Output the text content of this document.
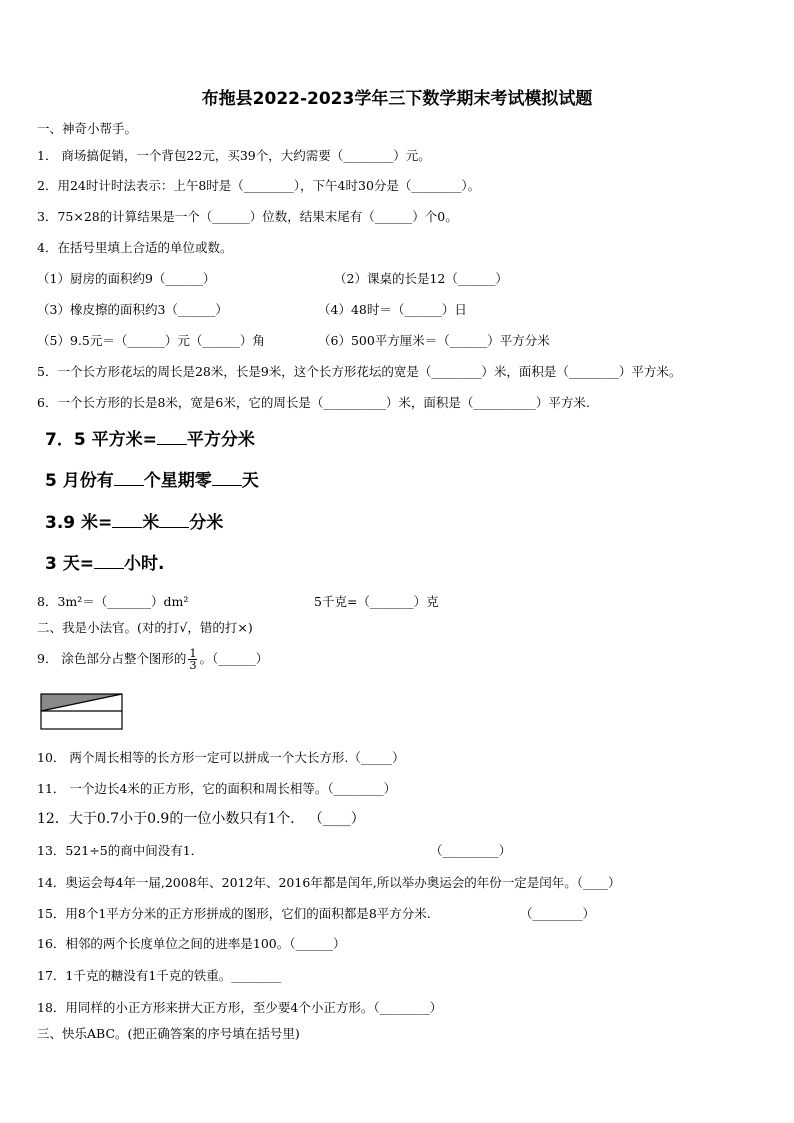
布拖县2022-2023学年三下数学期末考试模拟试题
一、神奇小帮手。
1． 商场搞促销，一个背包22元，买39个，大约需要（________）元。
2．用24时计时法表示：上午8时是（________），下午4时30分是（________）。
3．75×28的计算结果是一个（______）位数，结果末尾有（______）个0。
4．在括号里填上合适的单位或数。
（1）厨房的面积约9（______）	（2）课桌的长是12（______）
（3）橡皮擦的面积约3（______）	（4）48时＝（______）日
（5）9.5元＝（______）元（______）角	（6）500平方厘米＝（______）平方分米
5．一个长方形花坛的周长是28米，长是9米，这个长方形花坛的宽是（________）米，面积是（________）平方米。
6．一个长方形的长是8米，宽是6米，它的周长是（__________）米，面积是（__________）平方米.
7．5 平方米= 平方分米
5 月份有 个星期零 天
3.9 米= 米 分米
3 天= 小时.
8．3m²＝（_______）dm²	5千克=（_______）克
二、我是小法官。(对的打√，错的打×)
9． 涂色部分占整个图形的 $\frac{1}{3}$ 。（______）
10． 两个周长相等的长方形一定可以拼成一个大长方形.（_____）
11． 一个边长4米的正方形，它的面积和周长相等。（________）
12．大于0.7小于0.9的一位小数只有1个． （____）
13．521÷5的商中间没有1．	（_________）
14．奥运会每4年一届,2008年、2012年、2016年都是闰年,所以举办奥运会的年份一定是闰年。（____）
15．用8个1平方分米的正方形拼成的图形，它们的面积都是8平方分米.	（________）
16．相邻的两个长度单位之间的进率是100。（______）
17．1千克的糖没有1千克的铁重。________
18．用同样的小正方形来拼大正方形，至少要4个小正方形。（________）
三、快乐ABC。(把正确答案的序号填在括号里)
